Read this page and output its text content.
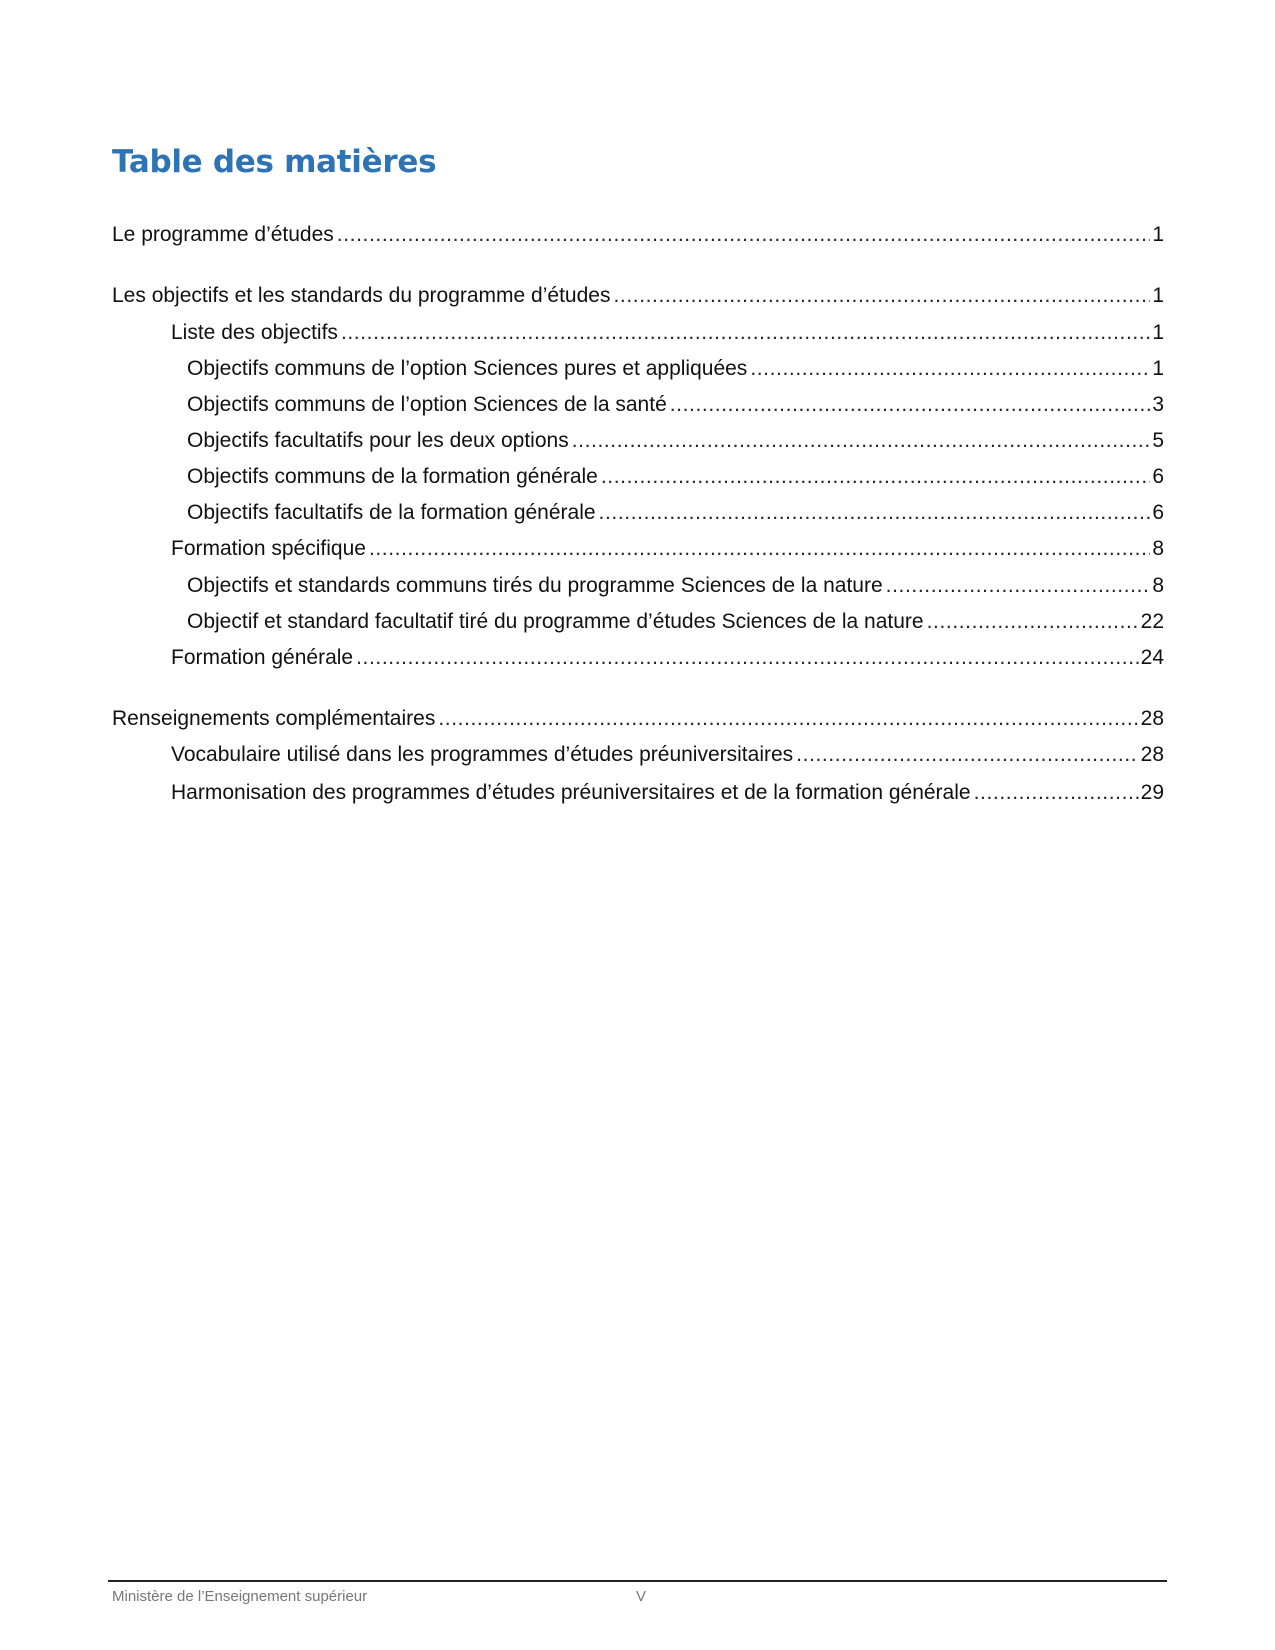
Table des matières
Le programme d’études .....	1
Les objectifs et les standards du programme d’études .....	1
Liste des objectifs .....	1
Objectifs communs de l’option Sciences pures et appliquées .....	1
Objectifs communs de l’option Sciences de la santé .....	3
Objectifs facultatifs pour les deux options .....	5
Objectifs communs de la formation générale .....	6
Objectifs facultatifs de la formation générale .....	6
Formation spécifique .....	8
Objectifs et standards communs tirés du programme Sciences de la nature .....	8
Objectif et standard facultatif tiré du programme d’études Sciences de la nature .....	22
Formation générale .....	24
Renseignements complémentaires .....	28
Vocabulaire utilisé dans les programmes d’études préuniversitaires .....	28
Harmonisation des programmes d’études préuniversitaires et de la formation générale .....	29
Ministère de l’Enseignement supérieur	V
